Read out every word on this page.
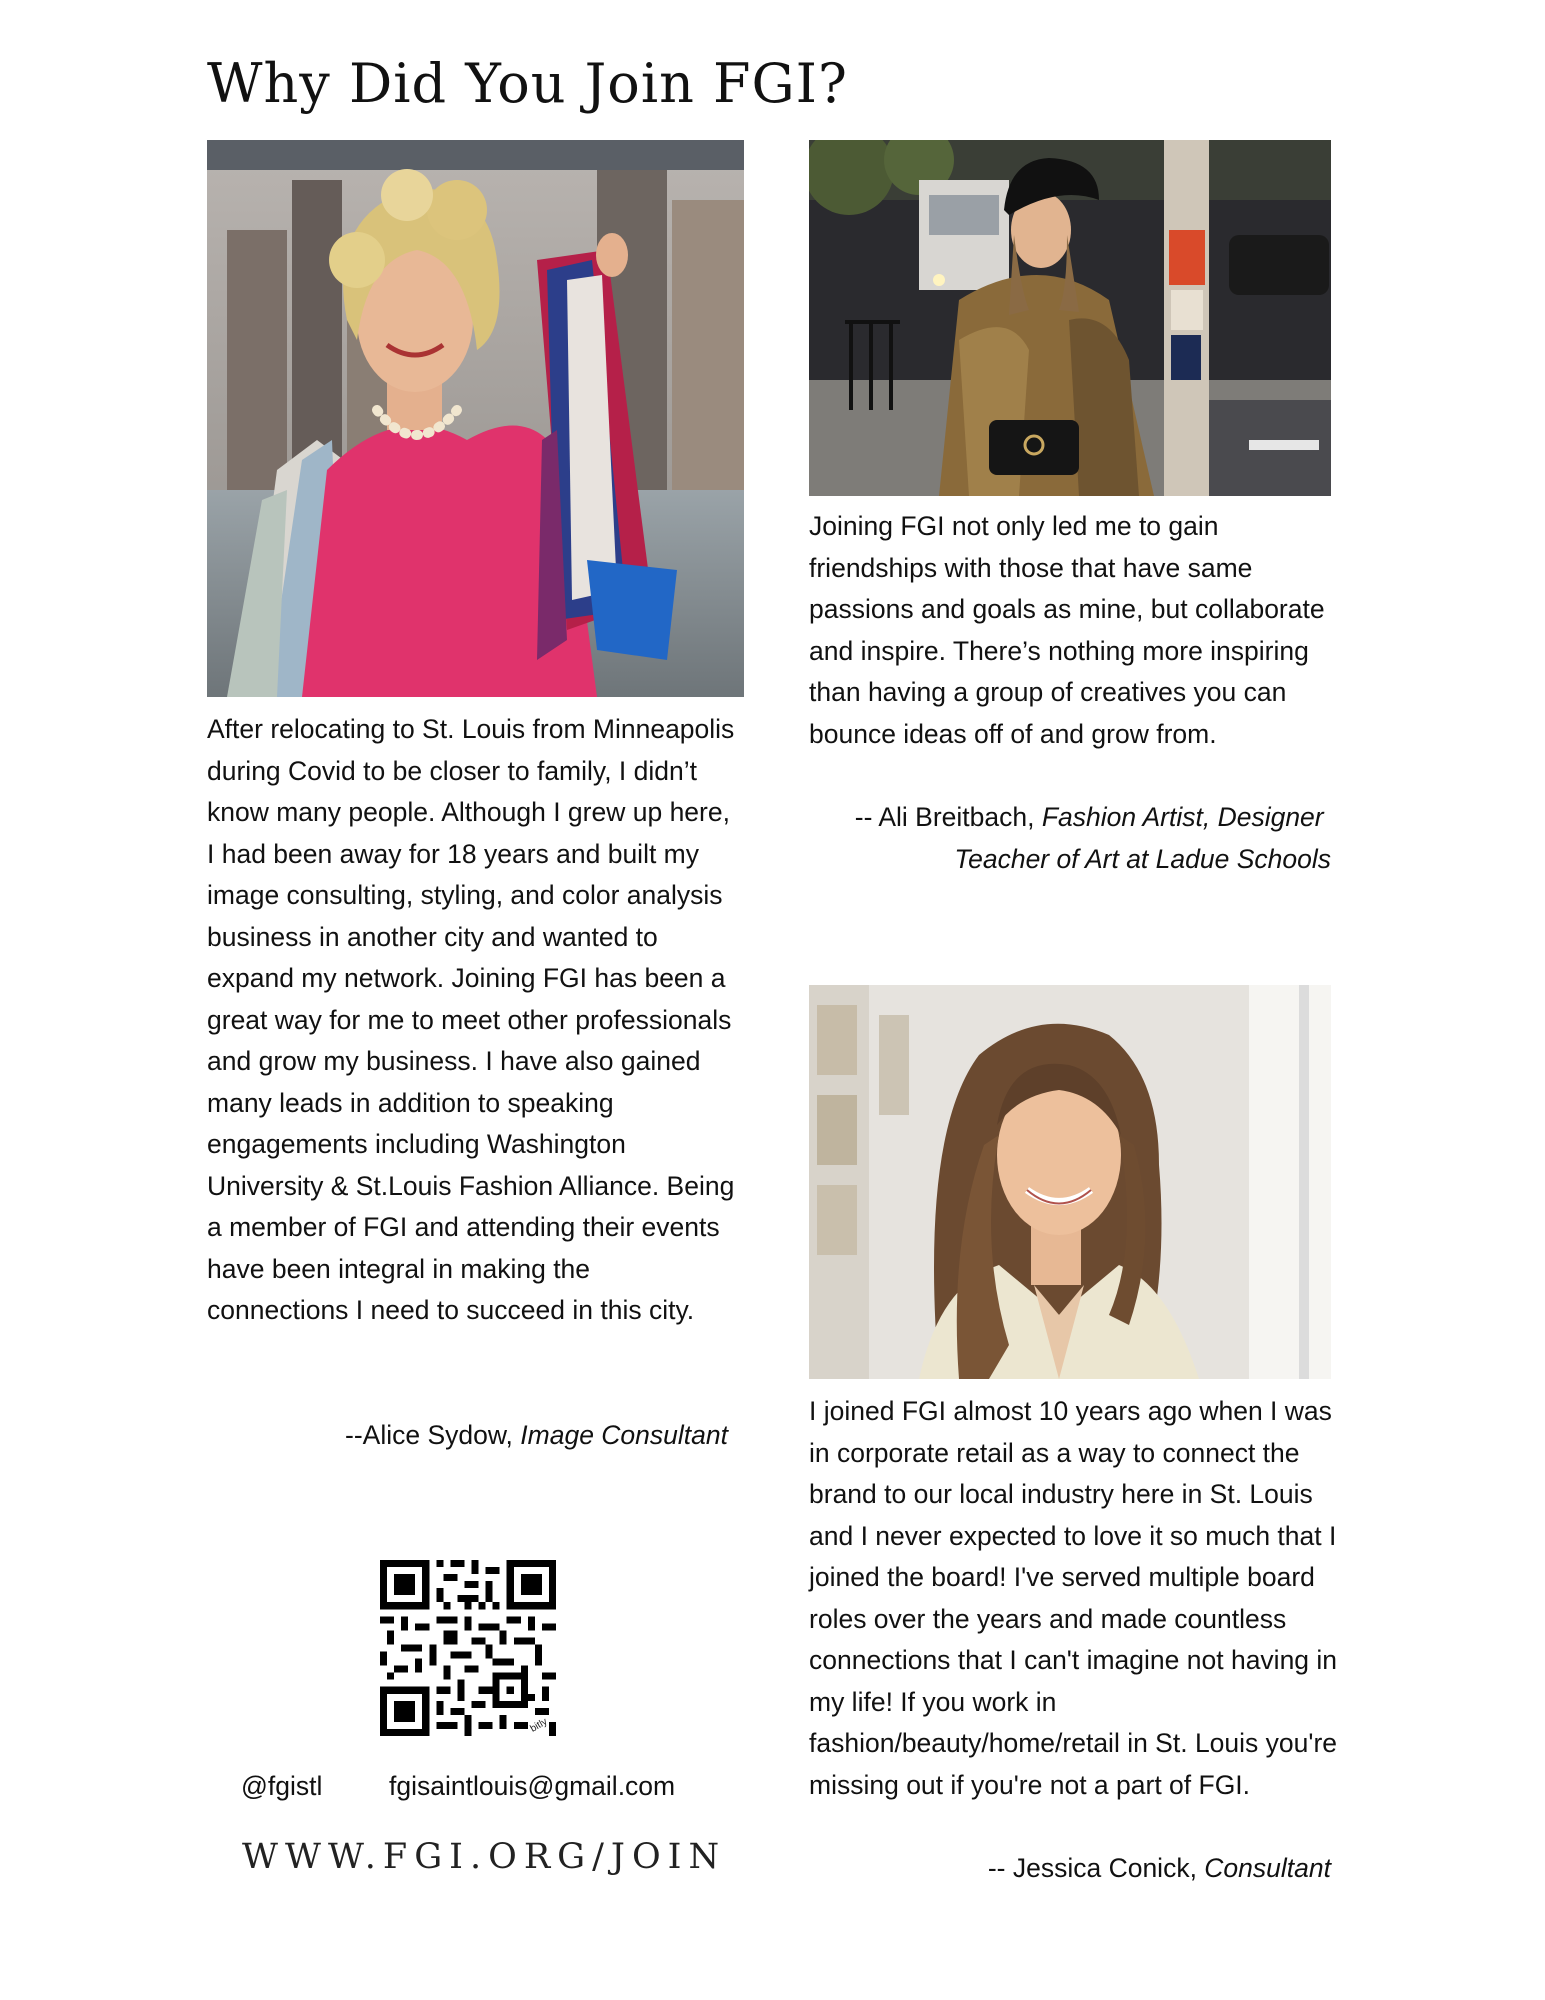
Why Did You Join FGI?

After relocating to St. Louis from Minneapolis during Covid to be closer to family, I didn’t know many people. Although I grew up here, I had been away for 18 years and built my image consulting, styling, and color analysis business in another city and wanted to expand my network. Joining FGI has been a great way for me to meet other professionals and grow my business. I have also gained many leads in addition to speaking engagements including Washington University & St.Louis Fashion Alliance. Being a member of FGI and attending their events have been integral in making the connections I need to succeed in this city.

--Alice Sydow, Image Consultant

Joining FGI not only led me to gain friendships with those that have same passions and goals as mine, but collaborate and inspire. There’s nothing more inspiring than having a group of creatives you can bounce ideas off of and grow from.

-- Ali Breitbach, Fashion Artist, Designer
Teacher of Art at Ladue Schools

I joined FGI almost 10 years ago when I was in corporate retail as a way to connect the brand to our local industry here in St. Louis and I never expected to love it so much that I joined the board! I've served multiple board roles over the years and made countless connections that I can't imagine not having in my life! If you work in fashion/beauty/home/retail in St. Louis you're missing out if you're not a part of FGI.

-- Jessica Conick, Consultant
bitly
@fgistl	fgisaintlouis@gmail.com
WWW.FGI.ORG/JOIN
